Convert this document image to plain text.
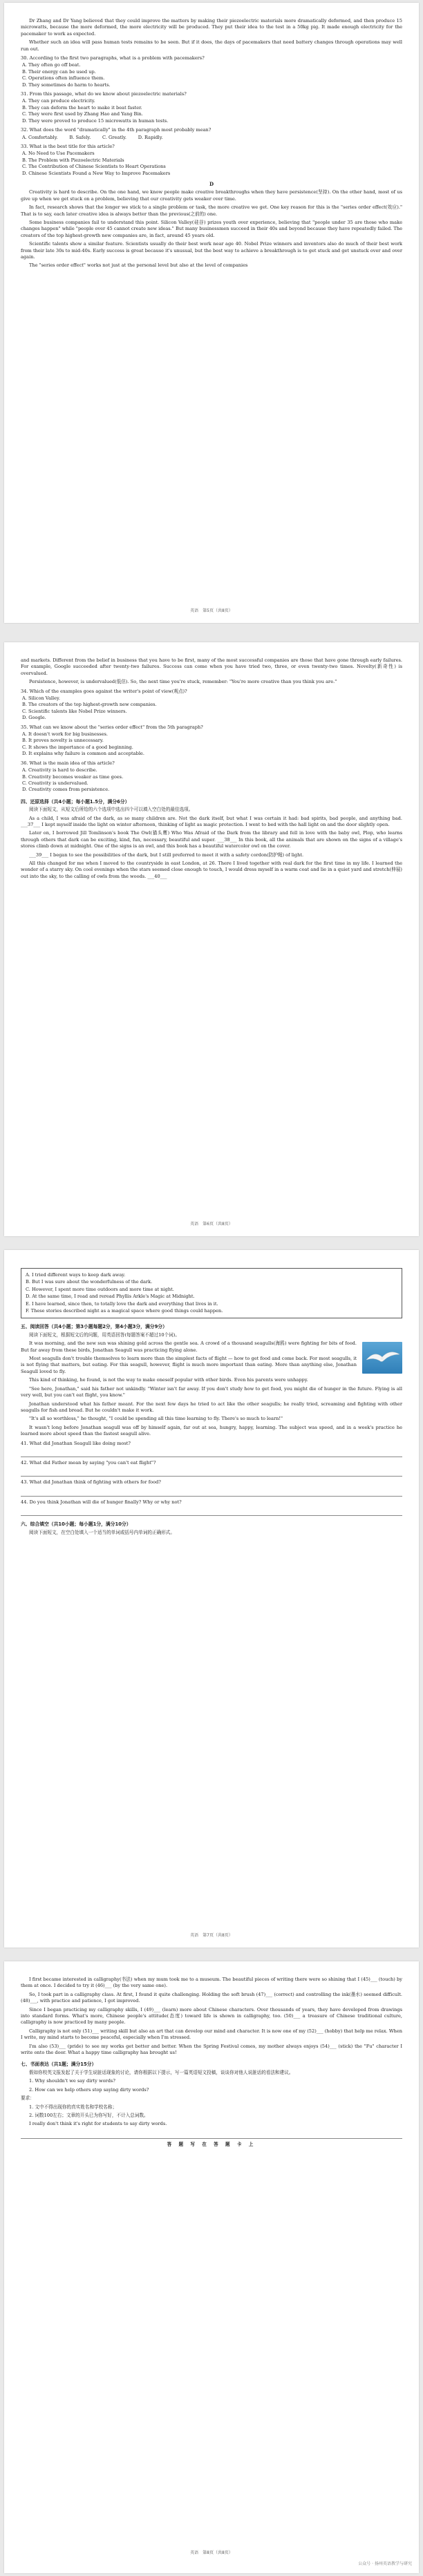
Dr Zhang and Dr Yang believed that they could improve the matters by making their piezoelectric materials more dramatically deformed, and then produce 15 microwatts, because the more deformed, the more electricity will be produced. They put their idea to the test in a 50kg pig. It made enough electricity for the pacemaker to work as expected.

Whether such an idea will pass human tests remains to be seen. But if it does, the days of pacemakers that need battery changes through operations may well run out.

30. According to the first two paragraphs, what is a problem with pacemakers?
A. They often go off beat.
B. Their energy can be used up.
C. Operations often influence them.
D. They sometimes do harm to hearts.
31. From this passage, what do we know about piezoelectric materials?
A. They can produce electricity.
B. They can deform the heart to make it beat faster.
C. They were first used by Zhang Hao and Yang Bin.
D. They were proved to produce 15 microwatts in human tests.
32. What does the word "dramatically" in the 4th paragraph most probably mean?
A. Comfortably.        B. Safely.        C. Greatly.        D. Rapidly.
33. What is the best title for this article?
A. No Need to Use Pacemakers
B. The Problem with Piezoelectric Materials
C. The Contribution of Chinese Scientists to Heart Operations
D. Chinese Scientists Found a New Way to Improve Pacemakers
D

Creativity is hard to describe. On the one hand, we know people make creative breakthroughs when they have persistence(坚持). On the other hand, most of us give up when we get stuck on a problem, believing that our creativity gets weaker over time.

In fact, research shows that the longer we stick to a single problem or task, the more creative we get. One key reason for this is the "series order effect(效应)." That is to say, each later creative idea is always better than the previous(之前的) one.

Some business companies fail to understand this point. Silicon Valley(硅谷) prizes youth over experience, believing that "people under 35 are those who make changes happen" while "people over 45 cannot create new ideas." But many businessmen succeed in their 40s and beyond because they have repeatedly failed. The creators of the top highest-growth new companies are, in fact, around 45 years old.

Scientific talents show a similar feature. Scientists usually do their best work near age 40. Nobel Prize winners and inventors also do much of their best work from their late 30s to mid-40s. Early success is great because it's unusual, but the best way to achieve a breakthrough is to get stuck and get unstuck over and over again.

The "series order effect" works not just at the personal level but also at the level of companies

英语　第5页（共8页）

and markets. Different from the belief in business that you have to be first, many of the most successful companies are those that have gone through early failures. For example, Google succeeded after twenty-two failures. Success can come when you have tried two, three, or even twenty-two times. Novelty(新奇性) is overvalued.

Persistence, however, is undervalued(低估). So, the next time you're stuck, remember: "You're more creative than you think you are."

34. Which of the examples goes against the writer's point of view(观点)?
A. Silicon Valley.
B. The creators of the top highest-growth new companies.
C. Scientific talents like Nobel Prize winners.
D. Google.
35. What can we know about the "series order effect" from the 5th paragraph?
A. It doesn't work for big businesses.
B. It proves novelty is unnecessary.
C. It shows the importance of a good beginning.
D. It explains why failure is common and acceptable.
36. What is the main idea of this article?
A. Creativity is hard to describe.
B. Creativity becomes weaker as time goes.
C. Creativity is undervalued.
D. Creativity comes from persistence.
四、还原选择（共4小题；每小题1.5分，满分6分）

阅读下面短文，从短文后所给的六个选项中选出四个可以填入空白处的最佳选项。

As a child, I was afraid of the dark, as so many children are. Not the dark itself, but what I was certain it had: bad spirits, bad people, and anything bad. ___37___ I kept myself inside the light on winter afternoon, thinking of light as magic protection. I went to bed with the hall light on and the door slightly open.

Later on, I borrowed Jill Tomlinson's book The Owl(猫头鹰) Who Was Afraid of the Dark from the library and fell in love with the baby owl, Plop, who learns through others that dark can be exciting, kind, fun, necessary, beautiful and super. ___38___ In this book, all the animals that are shown on the signs of a village's stores climb down at midnight. One of the signs is an owl, and this book has a beautiful watercolor owl on the cover.

___39___ I began to see the possibilities of the dark, but I still preferred to meet it with a safety cordon(防护绳) of light.

All this changed for me when I moved to the countryside in east London, at 26. There I lived together with real dark for the first time in my life. I learned the wonder of a starry sky. On cool evenings when the stars seemed close enough to touch, I would dress myself in a warm coat and lie in a quiet yard and stretch(伸展) out into the sky, to the calling of owls from the woods. ___40___

英语　第6页（共8页）
A. I tried different ways to keep dark away.
B. But I was sure about the wonderfulness of the dark.
C. However, I spent more time outdoors and more time at night.
D. At the same time, I read and reread Phyllis Arkle's Magic at Midnight.
E. I have learned, since then, to totally love the dark and everything that lives in it.
F. These stories described night as a magical space where good things could happen.
五、阅读回答（共4小题；第3小题每题2分，第4小题3分，满分9分）

阅读下面短文，根据短文后的问题，用英语回答(每题答案不超过10个词)。

It was morning, and the new sun was shining gold across the gentle sea. A crowd of a thousand seagulls(海鸥) were fighting for bits of food. But far away from these birds, Jonathan Seagull was practicing flying alone.

Most seagulls don't trouble themselves to learn more than the simplest facts of flight — how to get food and come back. For most seagulls, it is not flying that matters, but eating. For this seagull, however, flight is much more important than eating. More than anything else, Jonathan Seagull loved to fly.

This kind of thinking, he found, is not the way to make oneself popular with other birds. Even his parents were unhappy.

"See here, Jonathan," said his father not unkindly. "Winter isn't far away. If you don't study how to get food, you might die of hunger in the future. Flying is all very well, but you can't eat flight, you know."

Jonathan understood what his father meant. For the next few days he tried to act like the other seagulls; he really tried, screaming and fighting with other seagulls for fish and bread. But he couldn't make it work.

"It's all so worthless," he thought, "I could be spending all this time learning to fly. There's so much to learn!"

It wasn't long before Jonathan seagull was off by himself again, far out at sea, hungry, happy, learning. The subject was speed, and in a week's practice he learned more about speed than the fastest seagull alive.

41. What did Jonathan Seagull like doing most?
42. What did Father mean by saying "you can't eat flight"?
43. What did Jonathan think of fighting with others for food?
44. Do you think Jonathan will die of hunger finally? Why or why not?
六、综合填空（共10小题；每小题1分，满分10分）

阅读下面短文，在空白处填入一个适当的单词或括号内单词的正确形式。

英语　第7页（共8页）

I first became interested in calligraphy(书法) when my mum took me to a museum. The beautiful pieces of writing there were so shining that I (45)___ (touch) by them at once. I decided to try it (46)___ (by the very same one).

So, I took part in a calligraphy class. At first, I found it quite challenging. Holding the soft brush (47)___ (correct) and controlling the ink(墨水) seemed difficult. (48)___, with practice and patience, I got improved.

Since I began practicing my calligraphy skills, I (49)___ (learn) more about Chinese characters. Over thousands of years, they have developed from drawings into standard forms. What's more, Chinese people's attitude(态度) toward life is shown in calligraphy, too. (50)___ a treasure of Chinese traditional culture, calligraphy is now practiced by many people.

Calligraphy is not only (51)___ writing skill but also an art that can develop our mind and character. It is now one of my (52)___ (hobby) that help me relax. When I write, my mind starts to become peaceful, especially when I'm stressed.

I'm also (53)___ (pride) to see my works get better and better. When the Spring Festival comes, my mother always enjoys (54)___ (stick) the "Fu" character I write onto the door. What a happy time calligraphy has brought us!

七、书面表达（共1题；满分15分）

假如你校英文报发起了关于学生说脏话现象的讨论，请你根据以下提示，写一篇英语短文投稿，谈谈你对他人说脏话的看法和建议。

1. Why shouldn't we say dirty words?

2. How can we help others stop saying dirty words?

要求：

1. 文中不得出现你的真实姓名和学校名称；

2. 词数100左右；文章的开头已为你写好，不计入总词数。

I really don't think it's right for students to say dirty words.

答 题 写 在 答 题 卡 上
英语　第8页（共8页）
公众号 · 扬州英语教学与研究
